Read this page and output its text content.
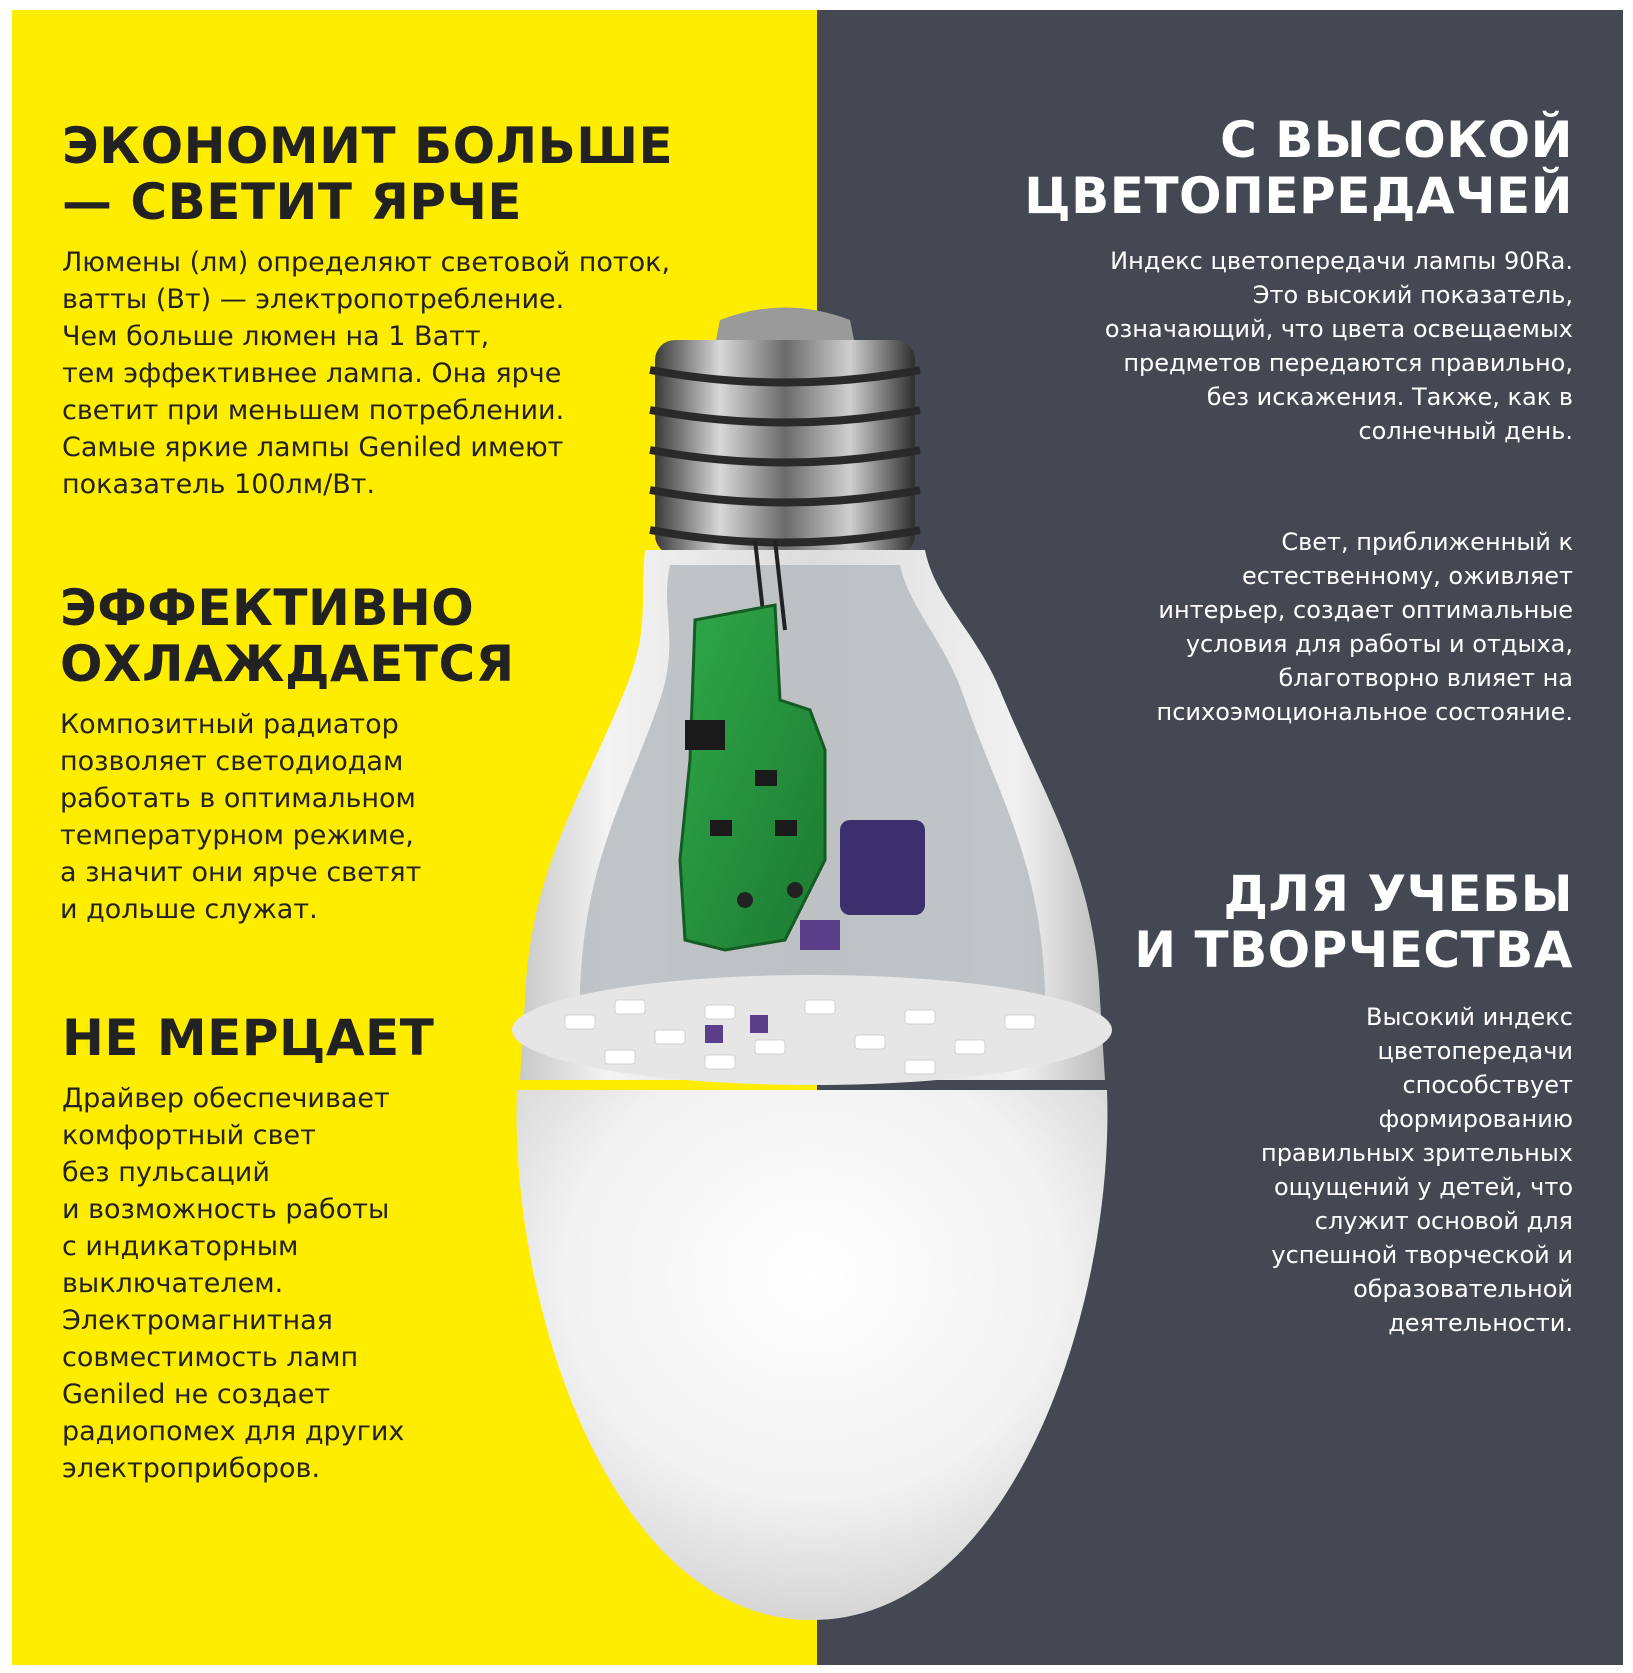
ЭКОНОМИТ БОЛЬШЕ
— СВЕТИТ ЯРЧЕ

Люмены (лм) определяют световой поток,
ватты (Вт) — электропотребление.
Чем больше люмен на 1 Ватт,
тем эффективнее лампа. Она ярче
светит при меньшем потреблении.
Самые яркие лампы Geniled имеют
показатель 100лм/Вт.

ЭФФЕКТИВНО
ОХЛАЖДАЕТСЯ

Композитный радиатор
позволяет светодиодам
работать в оптимальном
температурном режиме,
а значит они ярче светят
и дольше служат.

НЕ МЕРЦАЕТ

Драйвер обеспечивает
комфортный свет
без пульсаций
и возможность работы
с индикаторным
выключателем.
Электромагнитная
совместимость ламп
Geniled не создает
радиопомех для других
электроприборов.

С ВЫСОКОЙ
ЦВЕТОПЕРЕДАЧЕЙ

Индекс цветопередачи лампы 90Ra.
Это высокий показатель,
означающий, что цвета освещаемых
предметов передаются правильно,
без искажения. Также, как в
солнечный день.

Свет, приближенный к
естественному, оживляет
интерьер, создает оптимальные
условия для работы и отдыха,
благотворно влияет на
психоэмоциональное состояние.

ДЛЯ УЧЕБЫ
И ТВОРЧЕСТВА

Высокий индекс
цветопередачи
способствует
формированию
правильных зрительных
ощущений у детей, что
служит основой для
успешной творческой и
образовательной
деятельности.
